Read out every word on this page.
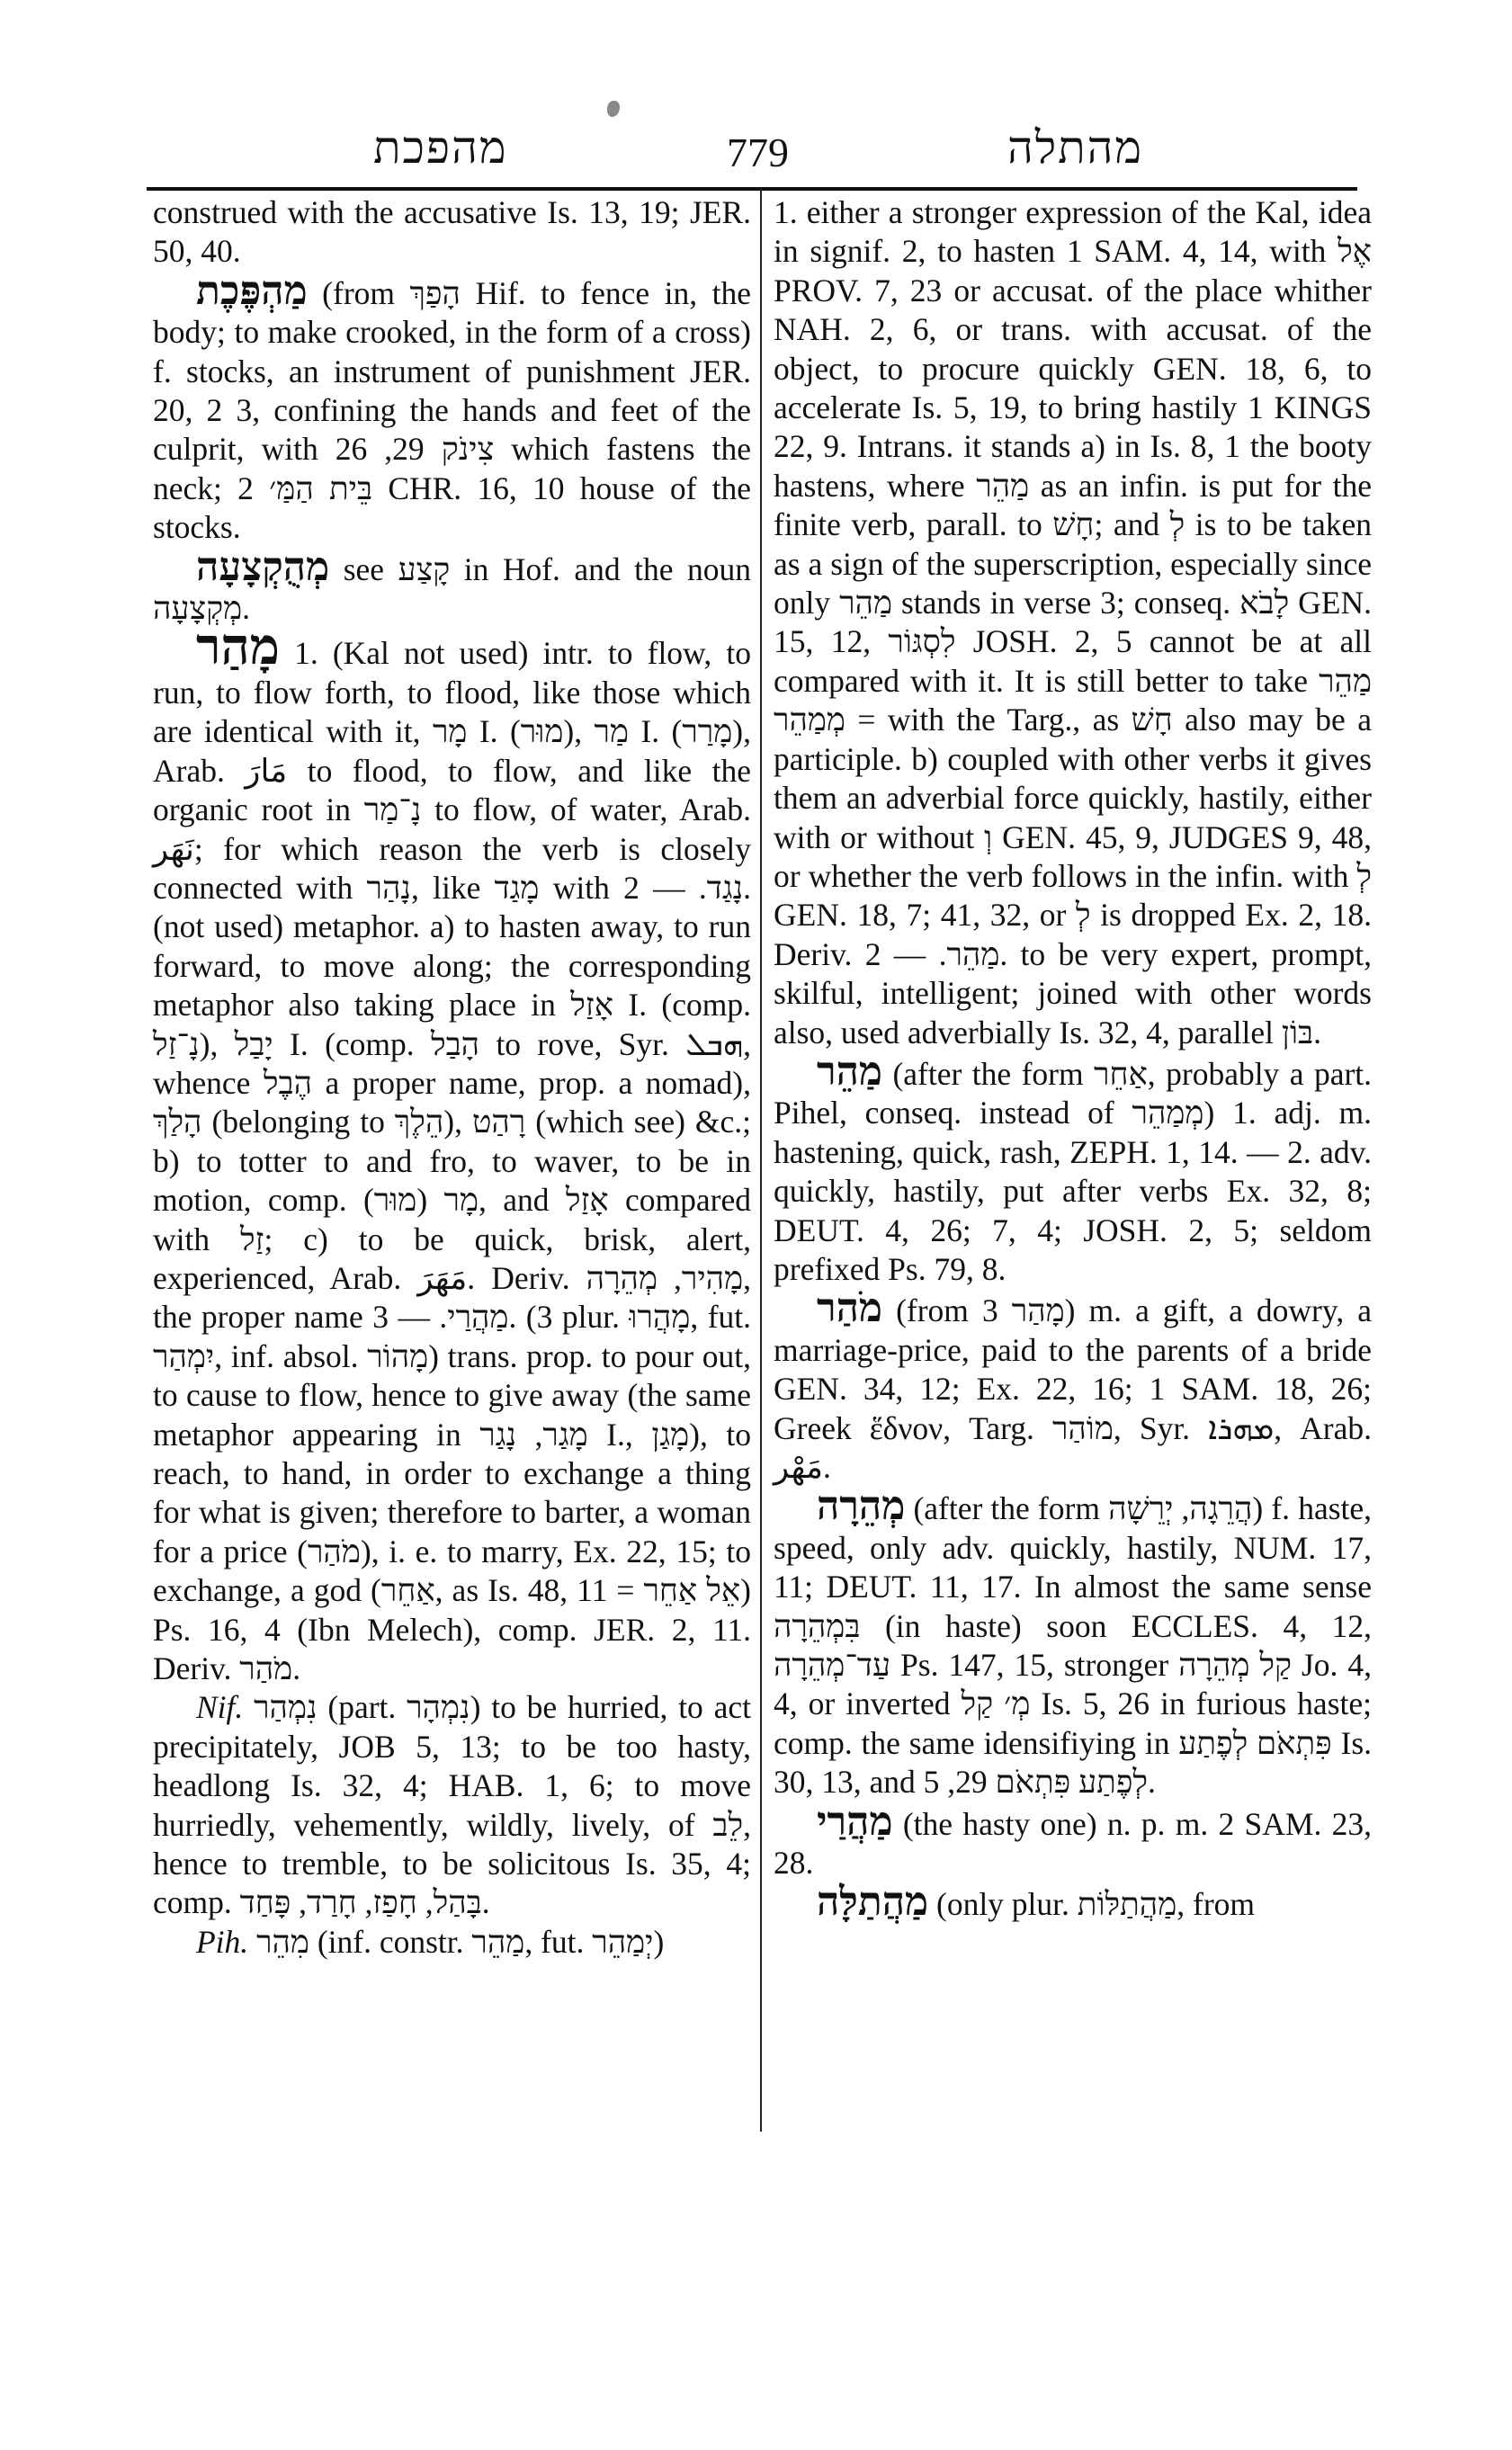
מהפכת	779	מהתלה

construed with the accusative Is. 13, 19; JER. 50, 40.

מַהְפֶּכֶת (from הָפַךְ Hif. to fence in, the body; to make crooked, in the form of a cross) f. stocks, an instrument of punishment JER. 20, 2 3, confining the hands and feet of the culprit, with צִינֹק 29, 26 which fastens the neck; בֵּית הַמַּ׳ 2 CHR. 16, 10 house of the stocks.

מְהֻקְצָעָה see קָצַע in Hof. and the noun מְקְצָעָה.

מָהַר 1. (Kal not used) intr. to flow, to run, to flow forth, to flood, like those which are identical with it, מָר I. (מוּר), מַר I. (מָרַר), Arab. مَارَ to flood, to flow, and like the organic root in נָ־מַר to flow, of water, Arab. نَهَر; for which reason the verb is closely connected with נָהַר, like מָגַד with נָגַד. — 2. (not used) metaphor. a) to hasten away, to run forward, to move along; the corresponding metaphor also taking place in אָזַל I. (comp. נָ־זַל), יָבַל I. (comp. הָבַל to rove, Syr. ܗܒܠ, whence הֶבֶל a proper name, prop. a nomad), הָלַךְ (belonging to הֵלֶךְ), רָהַט (which see) &c.; b) to totter to and fro, to waver, to be in motion, comp. מָר (מוּר), and אָזַל compared with זַל; c) to be quick, brisk, alert, experienced, Arab. مَهَرَ. Deriv. מָהִיר, מְהֵרָה, the proper name מַהֲרַי. — 3. (3 plur. מָהֲרוּ, fut. יִמְהַר, inf. absol. מָהוֹר) trans. prop. to pour out, to cause to flow, hence to give away (the same metaphor appearing in מָגַר, נָגַר I., מָגַן), to reach, to hand, in order to exchange a thing for what is given; therefore to barter, a woman for a price (מֹהַר), i. e. to marry, Ex. 22, 15; to exchange, a god (אַחֵר, as Is. 48, 11 = אֵל אַחֵר) Ps. 16, 4 (Ibn Melech), comp. JER. 2, 11. Deriv. מֹהַר.

Nif. נִמְהַר (part. נִמְהָר) to be hurried, to act precipitately, JOB 5, 13; to be too hasty, headlong Is. 32, 4; HAB. 1, 6; to move hurriedly, vehemently, wildly, lively, of לֵב, hence to tremble, to be solicitous Is. 35, 4; comp. בָּהַל, חָפַז, חָרַד, פָּחַד.

Pih. מִהֵר (inf. constr. מַהֵר, fut. יְמַהֵר)

1. either a stronger expression of the Kal, idea in signif. 2, to hasten 1 SAM. 4, 14, with אֶל PROV. 7, 23 or accusat. of the place whither NAH. 2, 6, or trans. with accusat. of the object, to procure quickly GEN. 18, 6, to accelerate Is. 5, 19, to bring hastily 1 KINGS 22, 9. Intrans. it stands a) in Is. 8, 1 the booty hastens, where מַהֵר as an infin. is put for the finite verb, parall. to חָשׁ; and לְ is to be taken as a sign of the superscription, especially since only מַהֵר stands in verse 3; conseq. לָבֹא GEN. 15, 12, לִסְגּוֹר JOSH. 2, 5 cannot be at all compared with it. It is still better to take מַהֵר = מְמַהֵר with the Targ., as חָשׁ also may be a participle. b) coupled with other verbs it gives them an adverbial force quickly, hastily, either with or without וְ GEN. 45, 9, JUDGES 9, 48, or whether the verb follows in the infin. with לְ GEN. 18, 7; 41, 32, or לְ is dropped Ex. 2, 18. Deriv. מַהֵר. — 2. to be very expert, prompt, skilful, intelligent; joined with other words also, used adverbially Is. 32, 4, parallel בּוֹן.

מַהֵר (after the form אַחֵר, probably a part. Pihel, conseq. instead of מְמַהֵר) 1. adj. m. hastening, quick, rash, ZEPH. 1, 14. — 2. adv. quickly, hastily, put after verbs Ex. 32, 8; DEUT. 4, 26; 7, 4; JOSH. 2, 5; seldom prefixed Ps. 79, 8.

מֹהַר (from מָהַר 3) m. a gift, a dowry, a marriage-price, paid to the parents of a bride GEN. 34, 12; Ex. 22, 16; 1 SAM. 18, 26; Greek ἕδνον, Targ. מוֹהַר, Syr. ܡܗܪܐ, Arab. مَهْر.

מְהֵרָה (after the form הֲרֵגָה, יְרֵשָׁה) f. haste, speed, only adv. quickly, hastily, NUM. 17, 11; DEUT. 11, 17. In almost the same sense בִּמְהֵרָה (in haste) soon ECCLES. 4, 12, עַד־מְהֵרָה Ps. 147, 15, stronger קַל מְהֵרָה Jo. 4, 4, or inverted מְ׳ קַל Is. 5, 26 in furious haste; comp. the same idensifiying in פִּתְאֹם לְפֶתַע Is. 30, 13, and לְפֶתַע פִּתְאֹם 29, 5.

מַהֲרַי (the hasty one) n. p. m. 2 SAM. 23, 28.

מַהֲתַלָּה (only plur. מַהֲתַלּוֹת, from
